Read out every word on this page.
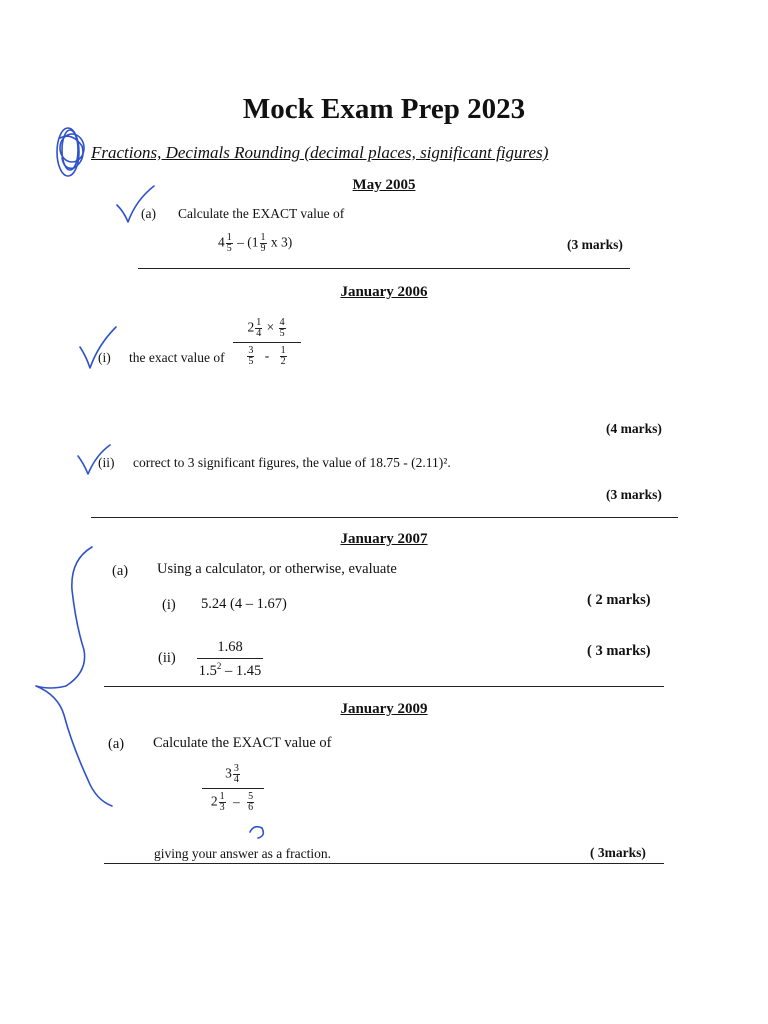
Mock Exam Prep 2023
Fractions, Decimals Rounding (decimal places, significant figures)
May 2005
(a) Calculate the EXACT value of
$4 \frac{1}{5} - (1 \frac{1}{9}$ x 3)	(3 marks)
January 2006
(i) the exact value of $\frac{2 \frac{1}{4} \times \frac{4}{5}}{\frac{3}{5} - \frac{1}{2}}$
(4 marks)
(ii) correct to 3 significant figures, the value of 18.75 - (2.11)².
(3 marks)
January 2007
(a) Using a calculator, or otherwise, evaluate
(i) 5.24 (4 – 1.67)	( 2 marks)
$(ii) \frac{1.68}{1.5^2 - 1.45}$	( 3 marks)
January 2009
(a) Calculate the EXACT value of
$\frac{3 \frac{3}{4}}{2 \frac{1}{3} - \frac{5}{6}}$
giving your answer as a fraction.	( 3marks)
